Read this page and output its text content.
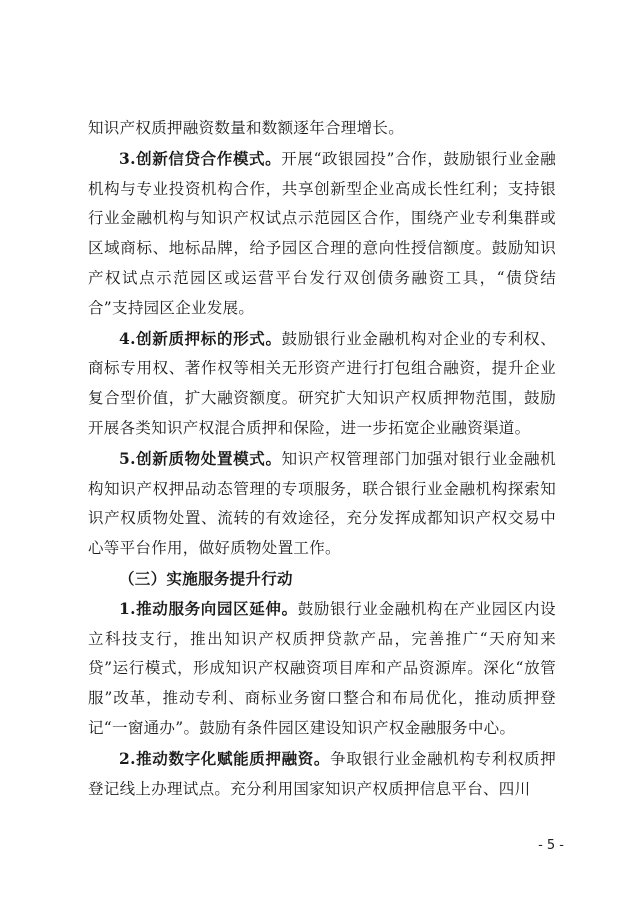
知识产权质押融资数量和数额逐年合理增长。

3.创新信贷合作模式。开展“政银园投”合作，鼓励银行业金融机构与专业投资机构合作，共享创新型企业高成长性红利；支持银行业金融机构与知识产权试点示范园区合作，围绕产业专利集群或区域商标、地标品牌，给予园区合理的意向性授信额度。鼓励知识产权试点示范园区或运营平台发行双创债务融资工具，“债贷结合”支持园区企业发展。

4.创新质押标的形式。鼓励银行业金融机构对企业的专利权、商标专用权、著作权等相关无形资产进行打包组合融资，提升企业复合型价值，扩大融资额度。研究扩大知识产权质押物范围，鼓励开展各类知识产权混合质押和保险，进一步拓宽企业融资渠道。

5.创新质物处置模式。知识产权管理部门加强对银行业金融机构知识产权押品动态管理的专项服务，联合银行业金融机构探索知识产权质物处置、流转的有效途径，充分发挥成都知识产权交易中心等平台作用，做好质物处置工作。

（三）实施服务提升行动

1.推动服务向园区延伸。鼓励银行业金融机构在产业园区内设立科技支行，推出知识产权质押贷款产品，完善推广“天府知来贷”运行模式，形成知识产权融资项目库和产品资源库。深化“放管服”改革，推动专利、商标业务窗口整合和布局优化，推动质押登记“一窗通办”。鼓励有条件园区建设知识产权金融服务中心。

2.推动数字化赋能质押融资。争取银行业金融机构专利权质押登记线上办理试点。充分利用国家知识产权质押信息平台、四川

- 5 -
